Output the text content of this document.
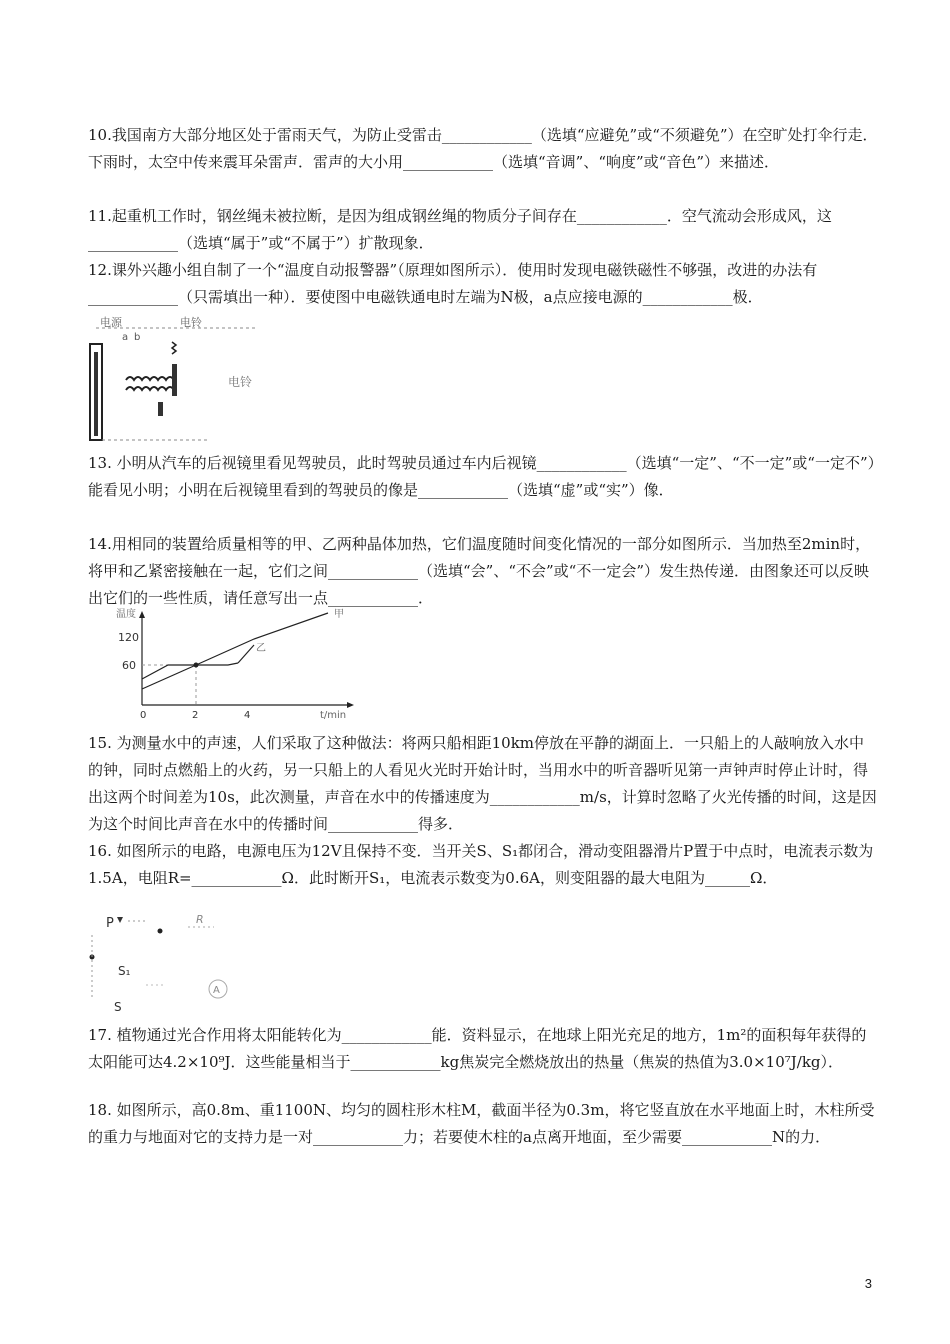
10.我国南方大部分地区处于雷雨天气，为防止受雷击____________（选填“应避免”或“不须避免”）在空旷处打伞行走．下雨时，太空中传来震耳朵雷声．雷声的大小用____________（选填“音调”、“响度”或“音色”）来描述．
11.起重机工作时，钢丝绳未被拉断，是因为组成钢丝绳的物质分子间存在____________．空气流动会形成风，这____________（选填“属于”或“不属于”）扩散现象．
12.课外兴趣小组自制了一个“温度自动报警器”（原理如图所示）．使用时发现电磁铁磁性不够强，改进的办法有____________（只需填出一种）．要使图中电磁铁通电时左端为N极，a点应接电源的____________极．
电源	电铃
a b
电铃
13. 小明从汽车的后视镜里看见驾驶员，此时驾驶员通过车内后视镜____________（选填“一定”、“不一定”或“一定不”）能看见小明；小明在后视镜里看到的驾驶员的像是____________（选填“虚”或“实”）像．
14.用相同的装置给质量相等的甲、乙两种晶体加热，它们温度随时间变化情况的一部分如图所示．当加热至2min时，将甲和乙紧密接触在一起，它们之间____________（选填“会”、“不会”或“不一定会”）发生热传递．由图象还可以反映出它们的一些性质，请任意写出一点____________．
温度
120
60
0	2	4	t/min
甲
乙
15. 为测量水中的声速，人们采取了这种做法：将两只船相距10km停放在平静的湖面上．一只船上的人敲响放入水中的钟，同时点燃船上的火药，另一只船上的人看见火光时开始计时，当用水中的听音器听见第一声钟声时停止计时，得出这两个时间差为10s，此次测量，声音在水中的传播速度为____________m/s，计算时忽略了火光传播的时间，这是因为这个时间比声音在水中的传播时间____________得多．
16. 如图所示的电路，电源电压为12V且保持不变．当开关S、S₁都闭合，滑动变阻器滑片P置于中点时，电流表示数为1.5A，电阻R=____________Ω．此时断开S₁，电流表示数变为0.6A，则变阻器的最大电阻为______Ω．
P	R
S₁
S
A
17. 植物通过光合作用将太阳能转化为____________能．资料显示，在地球上阳光充足的地方，1m²的面积每年获得的太阳能可达4.2×10⁹J．这些能量相当于____________kg焦炭完全燃烧放出的热量（焦炭的热值为3.0×10⁷J/kg）．
18. 如图所示，高0.8m、重1100N、均匀的圆柱形木柱M，截面半径为0.3m，将它竖直放在水平地面上时，木柱所受的重力与地面对它的支持力是一对____________力；若要使木柱的a点离开地面，至少需要____________N的力．
3
